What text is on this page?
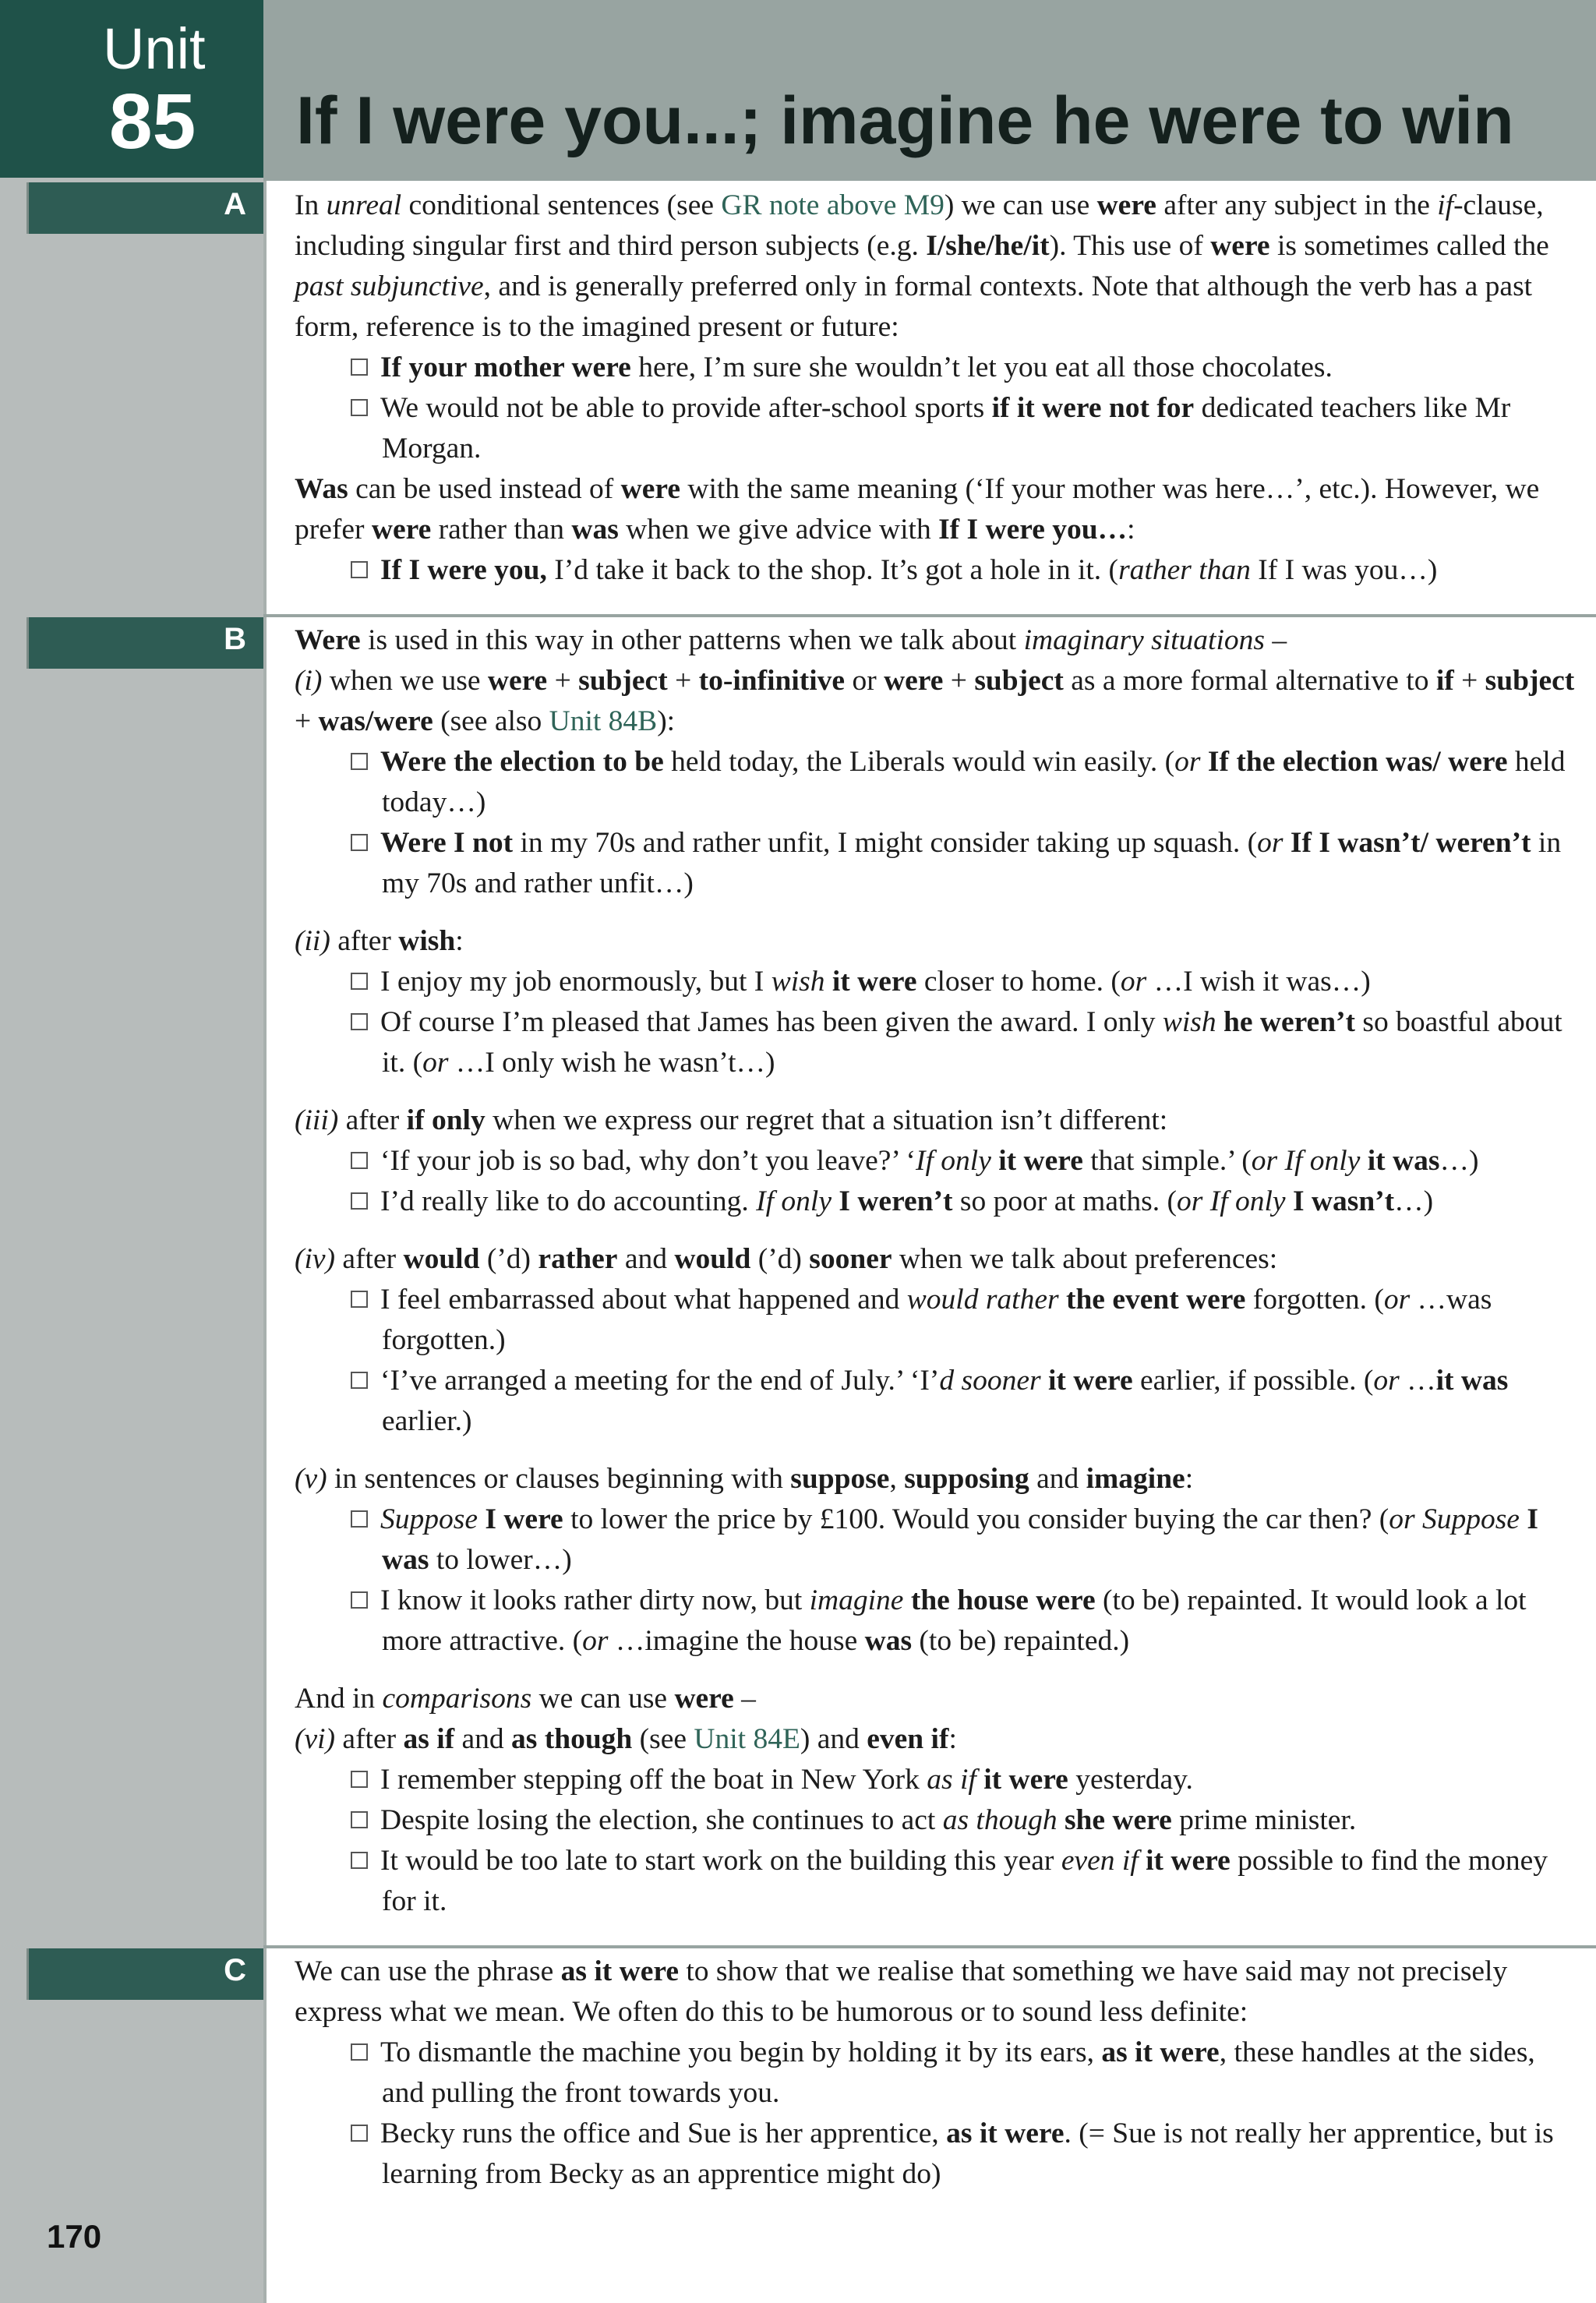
Unit
85 If I were you...; imagine he were to win
A
B
C

In unreal conditional sentences (see GR note above M9) we can use were after any subject in the if-clause, including singular first and third person subjects (e.g. I/she/he/it). This use of were is sometimes called the past subjunctive, and is generally preferred only in formal contexts. Note that although the verb has a past form, reference is to the imagined present or future:

If your mother were here, I’m sure she wouldn’t let you eat all those chocolates.

We would not be able to provide after-school sports if it were not for dedicated teachers like Mr Morgan.

Was can be used instead of were with the same meaning (‘If your mother was here…’, etc.). However, we prefer were rather than was when we give advice with If I were you…:

If I were you, I’d take it back to the shop. It’s got a hole in it. (rather than If I was you…)

Were is used in this way in other patterns when we talk about imaginary situations –

(i) when we use were + subject + to-infinitive or were + subject as a more formal alternative to if + subject + was/were (see also Unit 84B):

Were the election to be held today, the Liberals would win easily. (or If the election was/ were held today…)

Were I not in my 70s and rather unfit, I might consider taking up squash. (or If I wasn’t/ weren’t in my 70s and rather unfit…)

(ii) after wish:

I enjoy my job enormously, but I wish it were closer to home. (or …I wish it was…)

Of course I’m pleased that James has been given the award. I only wish he weren’t so boastful about it. (or …I only wish he wasn’t…)

(iii) after if only when we express our regret that a situation isn’t different:

‘If your job is so bad, why don’t you leave?’ ‘If only it were that simple.’ (or If only it was…)

I’d really like to do accounting. If only I weren’t so poor at maths. (or If only I wasn’t…)

(iv) after would (’d) rather and would (’d) sooner when we talk about preferences:

I feel embarrassed about what happened and would rather the event were forgotten. (or …was forgotten.)

‘I’ve arranged a meeting for the end of July.’ ‘I’d sooner it were earlier, if possible. (or …it was earlier.)

(v) in sentences or clauses beginning with suppose, supposing and imagine:

Suppose I were to lower the price by £100. Would you consider buying the car then? (or Suppose I was to lower…)

I know it looks rather dirty now, but imagine the house were (to be) repainted. It would look a lot more attractive. (or …imagine the house was (to be) repainted.)

And in comparisons we can use were –

(vi) after as if and as though (see Unit 84E) and even if:

I remember stepping off the boat in New York as if it were yesterday.

Despite losing the election, she continues to act as though she were prime minister.

It would be too late to start work on the building this year even if it were possible to find the money for it.

We can use the phrase as it were to show that we realise that something we have said may not precisely express what we mean. We often do this to be humorous or to sound less definite:

To dismantle the machine you begin by holding it by its ears, as it were, these handles at the sides, and pulling the front towards you.

Becky runs the office and Sue is her apprentice, as it were. (= Sue is not really her apprentice, but is learning from Becky as an apprentice might do)

170
